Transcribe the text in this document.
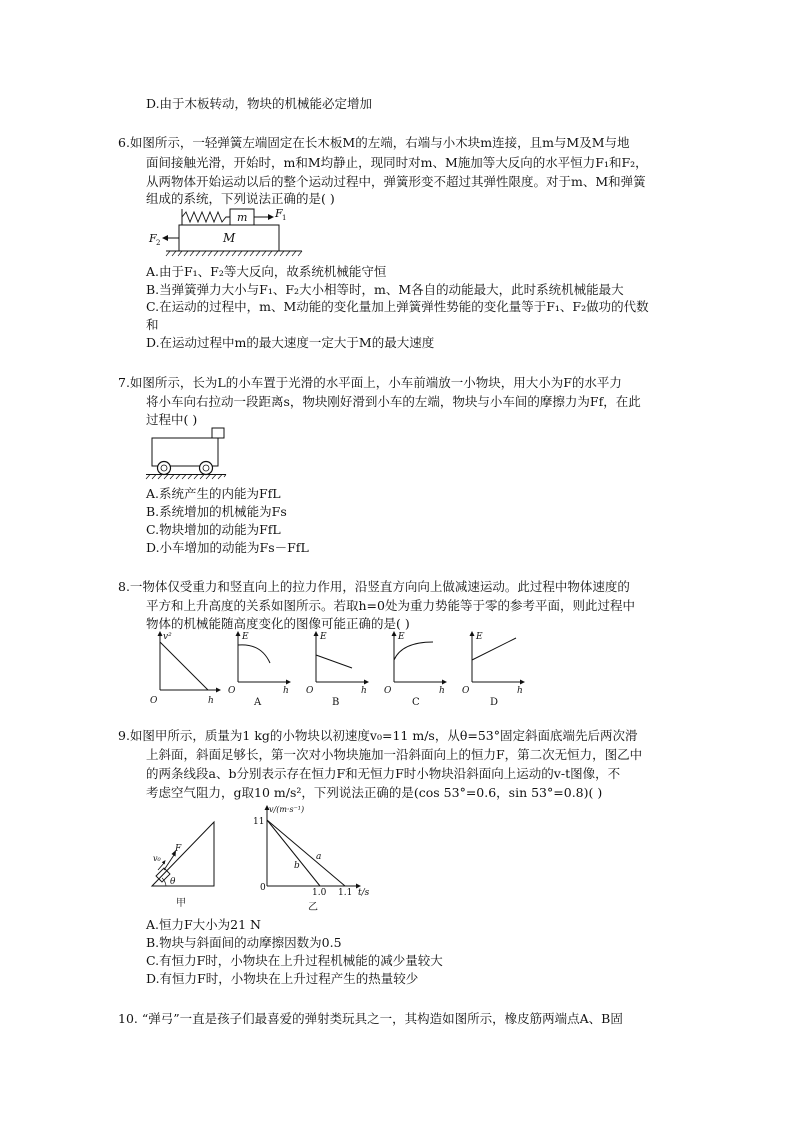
D.由于木板转动，物块的机械能必定增加
6.如图所示，一轻弹簧左端固定在长木板M的左端，右端与小木块m连接，且m与M及M与地
面间接触光滑，开始时，m和M均静止，现同时对m、M施加等大反向的水平恒力F₁和F₂，
从两物体开始运动以后的整个运动过程中，弹簧形变不超过其弹性限度。对于m、M和弹簧
组成的系统，下列说法正确的是( )
m
M
F 1
F 2
A.由于F₁、F₂等大反向，故系统机械能守恒
B.当弹簧弹力大小与F₁、F₂大小相等时，m、M各自的动能最大，此时系统机械能最大
C.在运动的过程中，m、M动能的变化量加上弹簧弹性势能的变化量等于F₁、F₂做功的代数
和
D.在运动过程中m的最大速度一定大于M的最大速度
7.如图所示，长为L的小车置于光滑的水平面上，小车前端放一小物块，用大小为F的水平力
将小车向右拉动一段距离s，物块刚好滑到小车的左端，物块与小车间的摩擦力为Ff，在此
过程中( )
A.系统产生的内能为FfL
B.系统增加的机械能为Fs
C.物块增加的动能为FfL
D.小车增加的动能为Fs－FfL
8.一物体仅受重力和竖直向上的拉力作用，沿竖直方向向上做减速运动。此过程中物体速度的
平方和上升高度的关系如图所示。若取h=0处为重力势能等于零的参考平面，则此过程中
物体的机械能随高度变化的图像可能正确的是( )
v²
h
O
E
h
O
A
E
h
O
B
E
h
O
C
E
h
O
D
9.如图甲所示，质量为1 kg的小物块以初速度v₀=11 m/s，从θ=53°固定斜面底端先后两次滑
上斜面，斜面足够长，第一次对小物块施加一沿斜面向上的恒力F，第二次无恒力，图乙中
的两条线段a、b分别表示存在恒力F和无恒力F时小物块沿斜面向上运动的v-t图像，不
考虑空气阻力，g取10 m/s²，下列说法正确的是(cos 53°=0.6，sin 53°=0.8)( )
F
v₀
θ
甲
11
0	1.0 1.1 t/s
v/(m·s⁻¹)
a
b
乙
A.恒力F大小为21 N
B.物块与斜面间的动摩擦因数为0.5
C.有恒力F时，小物块在上升过程机械能的减少量较大
D.有恒力F时，小物块在上升过程产生的热量较少
10. “弹弓”一直是孩子们最喜爱的弹射类玩具之一，其构造如图所示，橡皮筋两端点A、B固
